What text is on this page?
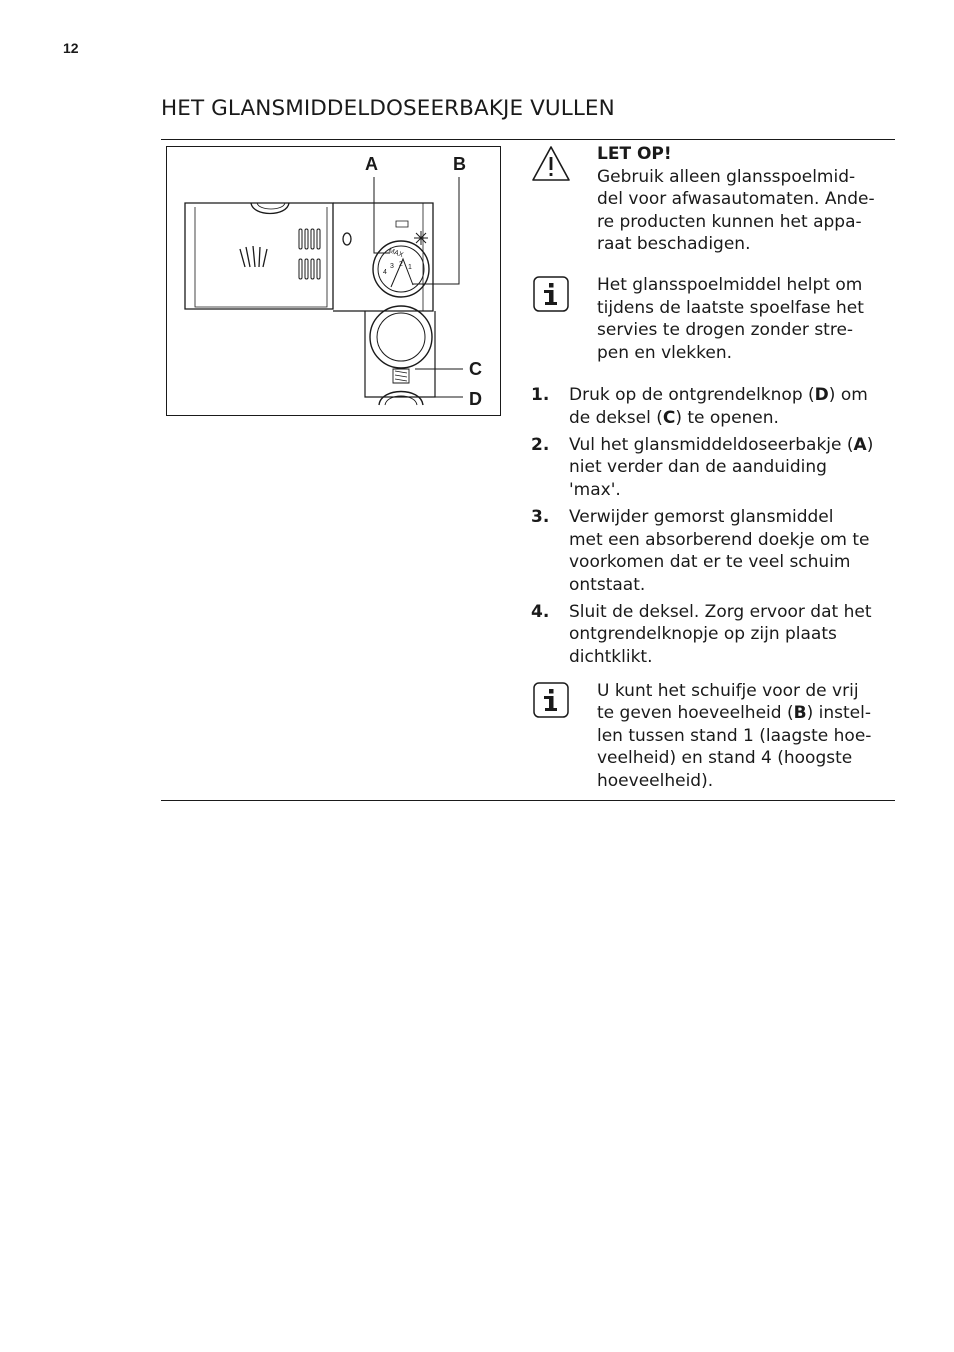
12
HET GLANSMIDDELDOSEERBAKJE VULLEN
MAX
4
3 2 1
A	B
C
D
LET OP!
Gebruik alleen glansspoelmid-
del voor afwasautomaten. Ande-
re producten kunnen het appa-
raat beschadigen.
Het glansspoelmiddel helpt om
tijdens de laatste spoelfase het
servies te drogen zonder stre-
pen en vlekken.
1. Druk op de ontgrendelknop (D) om
de deksel (C) te openen.
2. Vul het glansmiddeldoseerbakje (A)
niet verder dan de aanduiding
'max'.
3. Verwijder gemorst glansmiddel
met een absorberend doekje om te
voorkomen dat er te veel schuim
ontstaat.
4. Sluit de deksel. Zorg ervoor dat het
ontgrendelknopje op zijn plaats
dichtklikt.
U kunt het schuifje voor de vrij
te geven hoeveelheid (B) instel-
len tussen stand 1 (laagste hoe-
veelheid) en stand 4 (hoogste
hoeveelheid).
